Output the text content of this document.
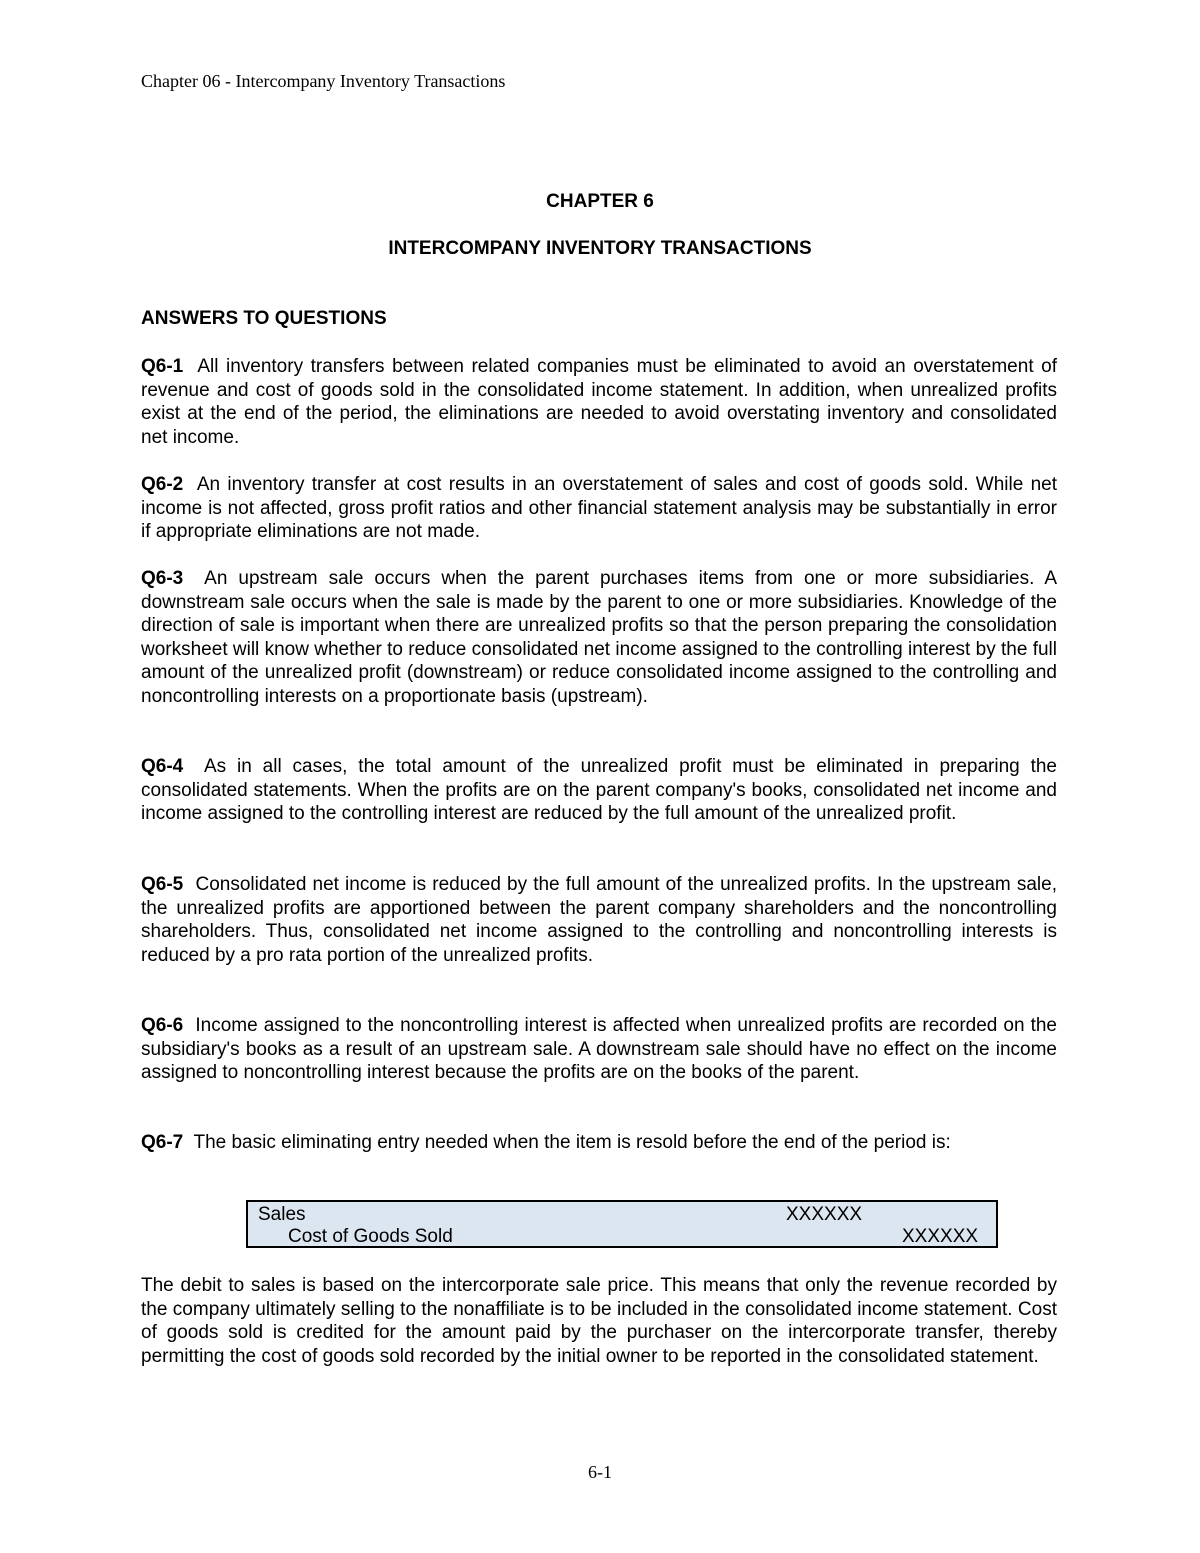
Chapter 06 - Intercompany Inventory Transactions
CHAPTER 6
INTERCOMPANY INVENTORY TRANSACTIONS
ANSWERS TO QUESTIONS

Q6-1 All inventory transfers between related companies must be eliminated to avoid an overstatement of revenue and cost of goods sold in the consolidated income statement. In addition, when unrealized profits exist at the end of the period, the eliminations are needed to avoid overstating inventory and consolidated net income.

Q6-2 An inventory transfer at cost results in an overstatement of sales and cost of goods sold. While net income is not affected, gross profit ratios and other financial statement analysis may be substantially in error if appropriate eliminations are not made.

Q6-3 An upstream sale occurs when the parent purchases items from one or more subsidiaries. A downstream sale occurs when the sale is made by the parent to one or more subsidiaries. Knowledge of the direction of sale is important when there are unrealized profits so that the person preparing the consolidation worksheet will know whether to reduce consolidated net income assigned to the controlling interest by the full amount of the unrealized profit (downstream) or reduce consolidated income assigned to the controlling and noncontrolling interests on a proportionate basis (upstream).

Q6-4 As in all cases, the total amount of the unrealized profit must be eliminated in preparing the consolidated statements. When the profits are on the parent company's books, consolidated net income and income assigned to the controlling interest are reduced by the full amount of the unrealized profit.

Q6-5 Consolidated net income is reduced by the full amount of the unrealized profits. In the upstream sale, the unrealized profits are apportioned between the parent company shareholders and the noncontrolling shareholders. Thus, consolidated net income assigned to the controlling and noncontrolling interests is reduced by a pro rata portion of the unrealized profits.

Q6-6 Income assigned to the noncontrolling interest is affected when unrealized profits are recorded on the subsidiary's books as a result of an upstream sale. A downstream sale should have no effect on the income assigned to noncontrolling interest because the profits are on the books of the parent.

Q6-7 The basic eliminating entry needed when the item is resold before the end of the period is:

Sales	XXXXXX
Cost of Goods Sold	XXXXXX

The debit to sales is based on the intercorporate sale price. This means that only the revenue recorded by the company ultimately selling to the nonaffiliate is to be included in the consolidated income statement. Cost of goods sold is credited for the amount paid by the purchaser on the intercorporate transfer, thereby permitting the cost of goods sold recorded by the initial owner to be reported in the consolidated statement.

6-1
